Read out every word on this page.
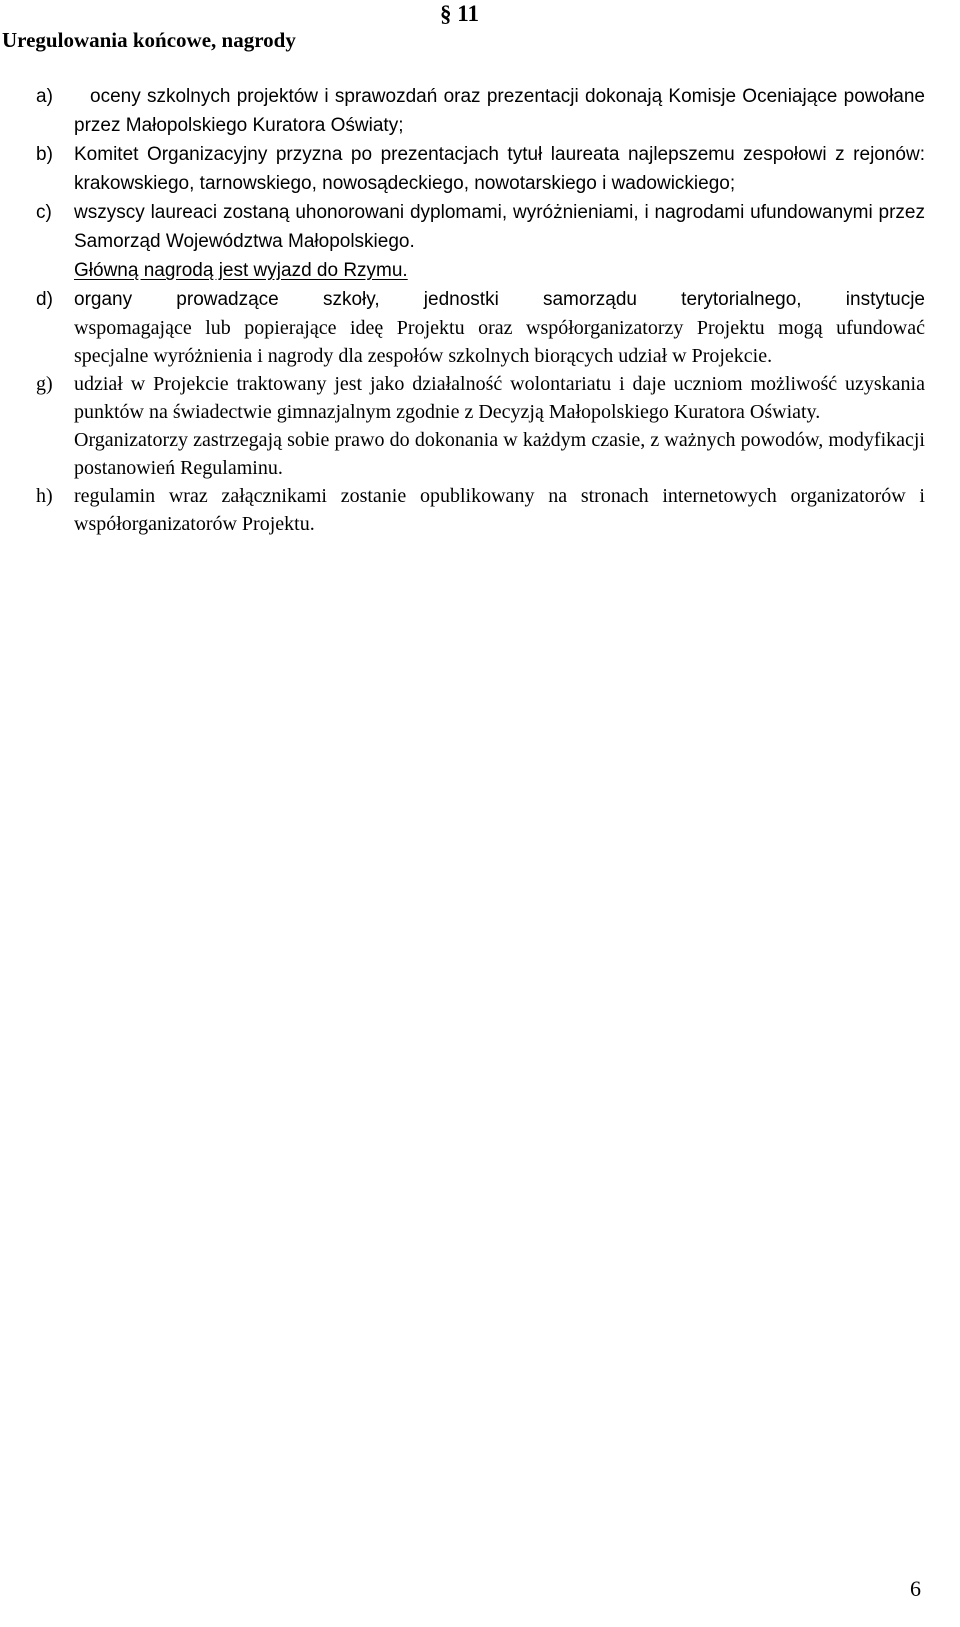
§ 11
Uregulowania końcowe, nagrody
a)	oceny szkolnych projektów i sprawozdań oraz prezentacji dokonają Komisje Oceniające powołane przez Małopolskiego Kuratora Oświaty;
b) Komitet Organizacyjny przyzna po prezentacjach tytuł laureata najlepszemu zespołowi z rejonów: krakowskiego, tarnowskiego, nowosądeckiego, nowotarskiego i wadowickiego;
c) wszyscy laureaci zostaną uhonorowani dyplomami, wyróżnieniami, i nagrodami ufundowanymi przez Samorząd Województwa Małopolskiego.
Główną nagrodą jest wyjazd do Rzymu.
d) organy prowadzące szkoły, jednostki samorządu terytorialnego, instytucje
wspomagające lub popierające ideę Projektu oraz współorganizatorzy Projektu mogą ufundować specjalne wyróżnienia i nagrody dla zespołów szkolnych biorących udział w Projekcie.
g) udział w Projekcie traktowany jest jako działalność wolontariatu i daje uczniom możliwość uzyskania punktów na świadectwie gimnazjalnym zgodnie z Decyzją Małopolskiego Kuratora Oświaty.

Organizatorzy zastrzegają sobie prawo do dokonania w każdym czasie, z ważnych powodów, modyfikacji postanowień Regulaminu.

h) regulamin wraz załącznikami zostanie opublikowany na stronach internetowych organizatorów i współorganizatorów Projektu.
6
